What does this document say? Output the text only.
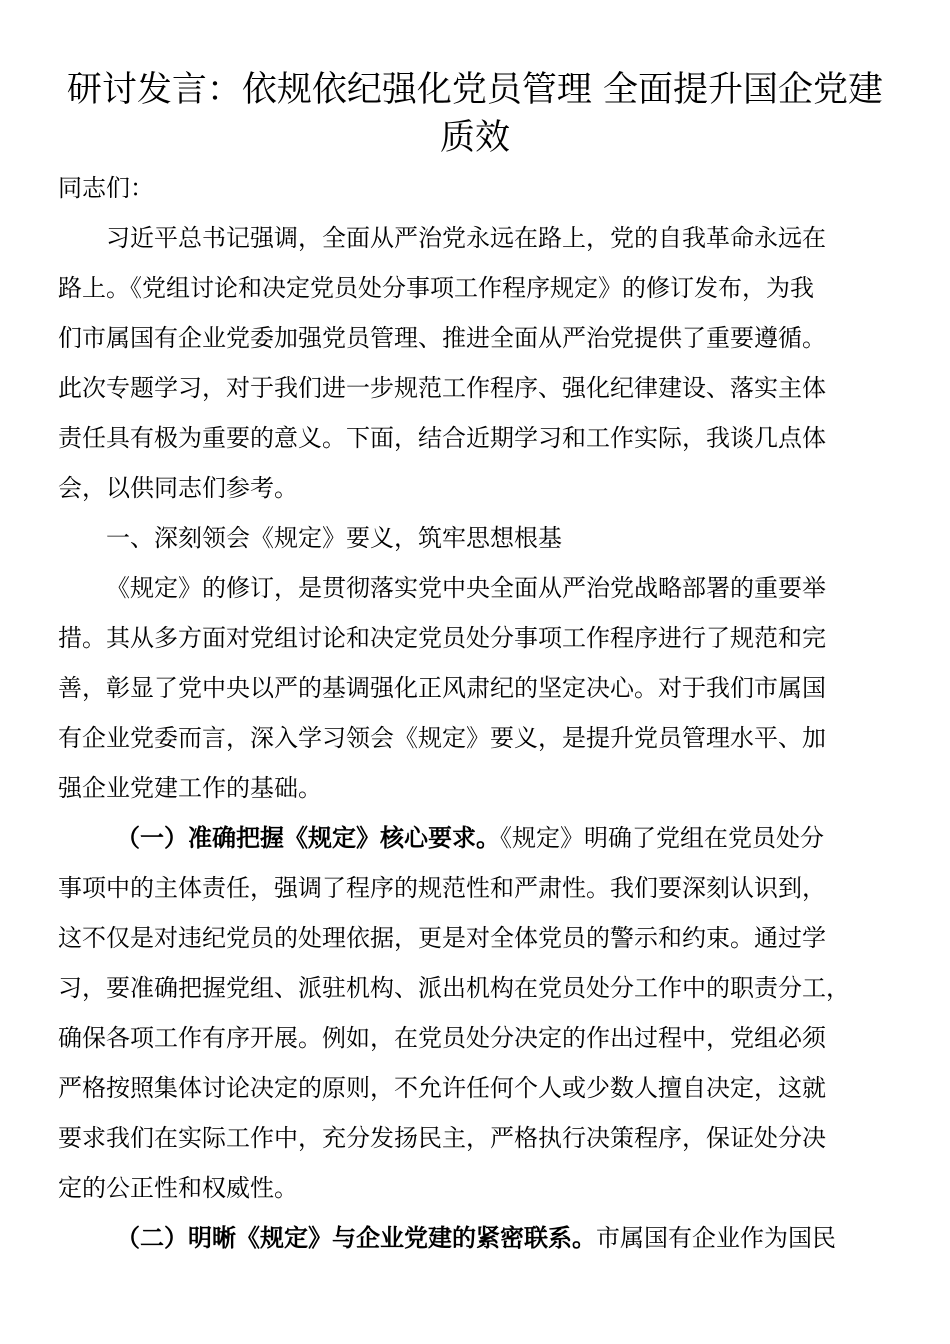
研讨发言：依规依纪强化党员管理 全面提升国企党建
质效

同志们：

习近平总书记强调，全面从严治党永远在路上，党的自我革命永远在

路上。《党组讨论和决定党员处分事项工作程序规定》的修订发布，为我

们市属国有企业党委加强党员管理、推进全面从严治党提供了重要遵循。

此次专题学习，对于我们进一步规范工作程序、强化纪律建设、落实主体

责任具有极为重要的意义。下面，结合近期学习和工作实际，我谈几点体

会，以供同志们参考。

一、深刻领会《规定》要义，筑牢思想根基

《规定》的修订，是贯彻落实党中央全面从严治党战略部署的重要举

措。其从多方面对党组讨论和决定党员处分事项工作程序进行了规范和完

善，彰显了党中央以严的基调强化正风肃纪的坚定决心。对于我们市属国

有企业党委而言，深入学习领会《规定》要义，是提升党员管理水平、加

强企业党建工作的基础。

（一）准确把握《规定》核心要求。《规定》明确了党组在党员处分

事项中的主体责任，强调了程序的规范性和严肃性。我们要深刻认识到，

这不仅是对违纪党员的处理依据，更是对全体党员的警示和约束。通过学

习，要准确把握党组、派驻机构、派出机构在党员处分工作中的职责分工，

确保各项工作有序开展。例如，在党员处分决定的作出过程中，党组必须

严格按照集体讨论决定的原则，不允许任何个人或少数人擅自决定，这就

要求我们在实际工作中，充分发扬民主，严格执行决策程序，保证处分决

定的公正性和权威性。

（二）明晰《规定》与企业党建的紧密联系。市属国有企业作为国民
